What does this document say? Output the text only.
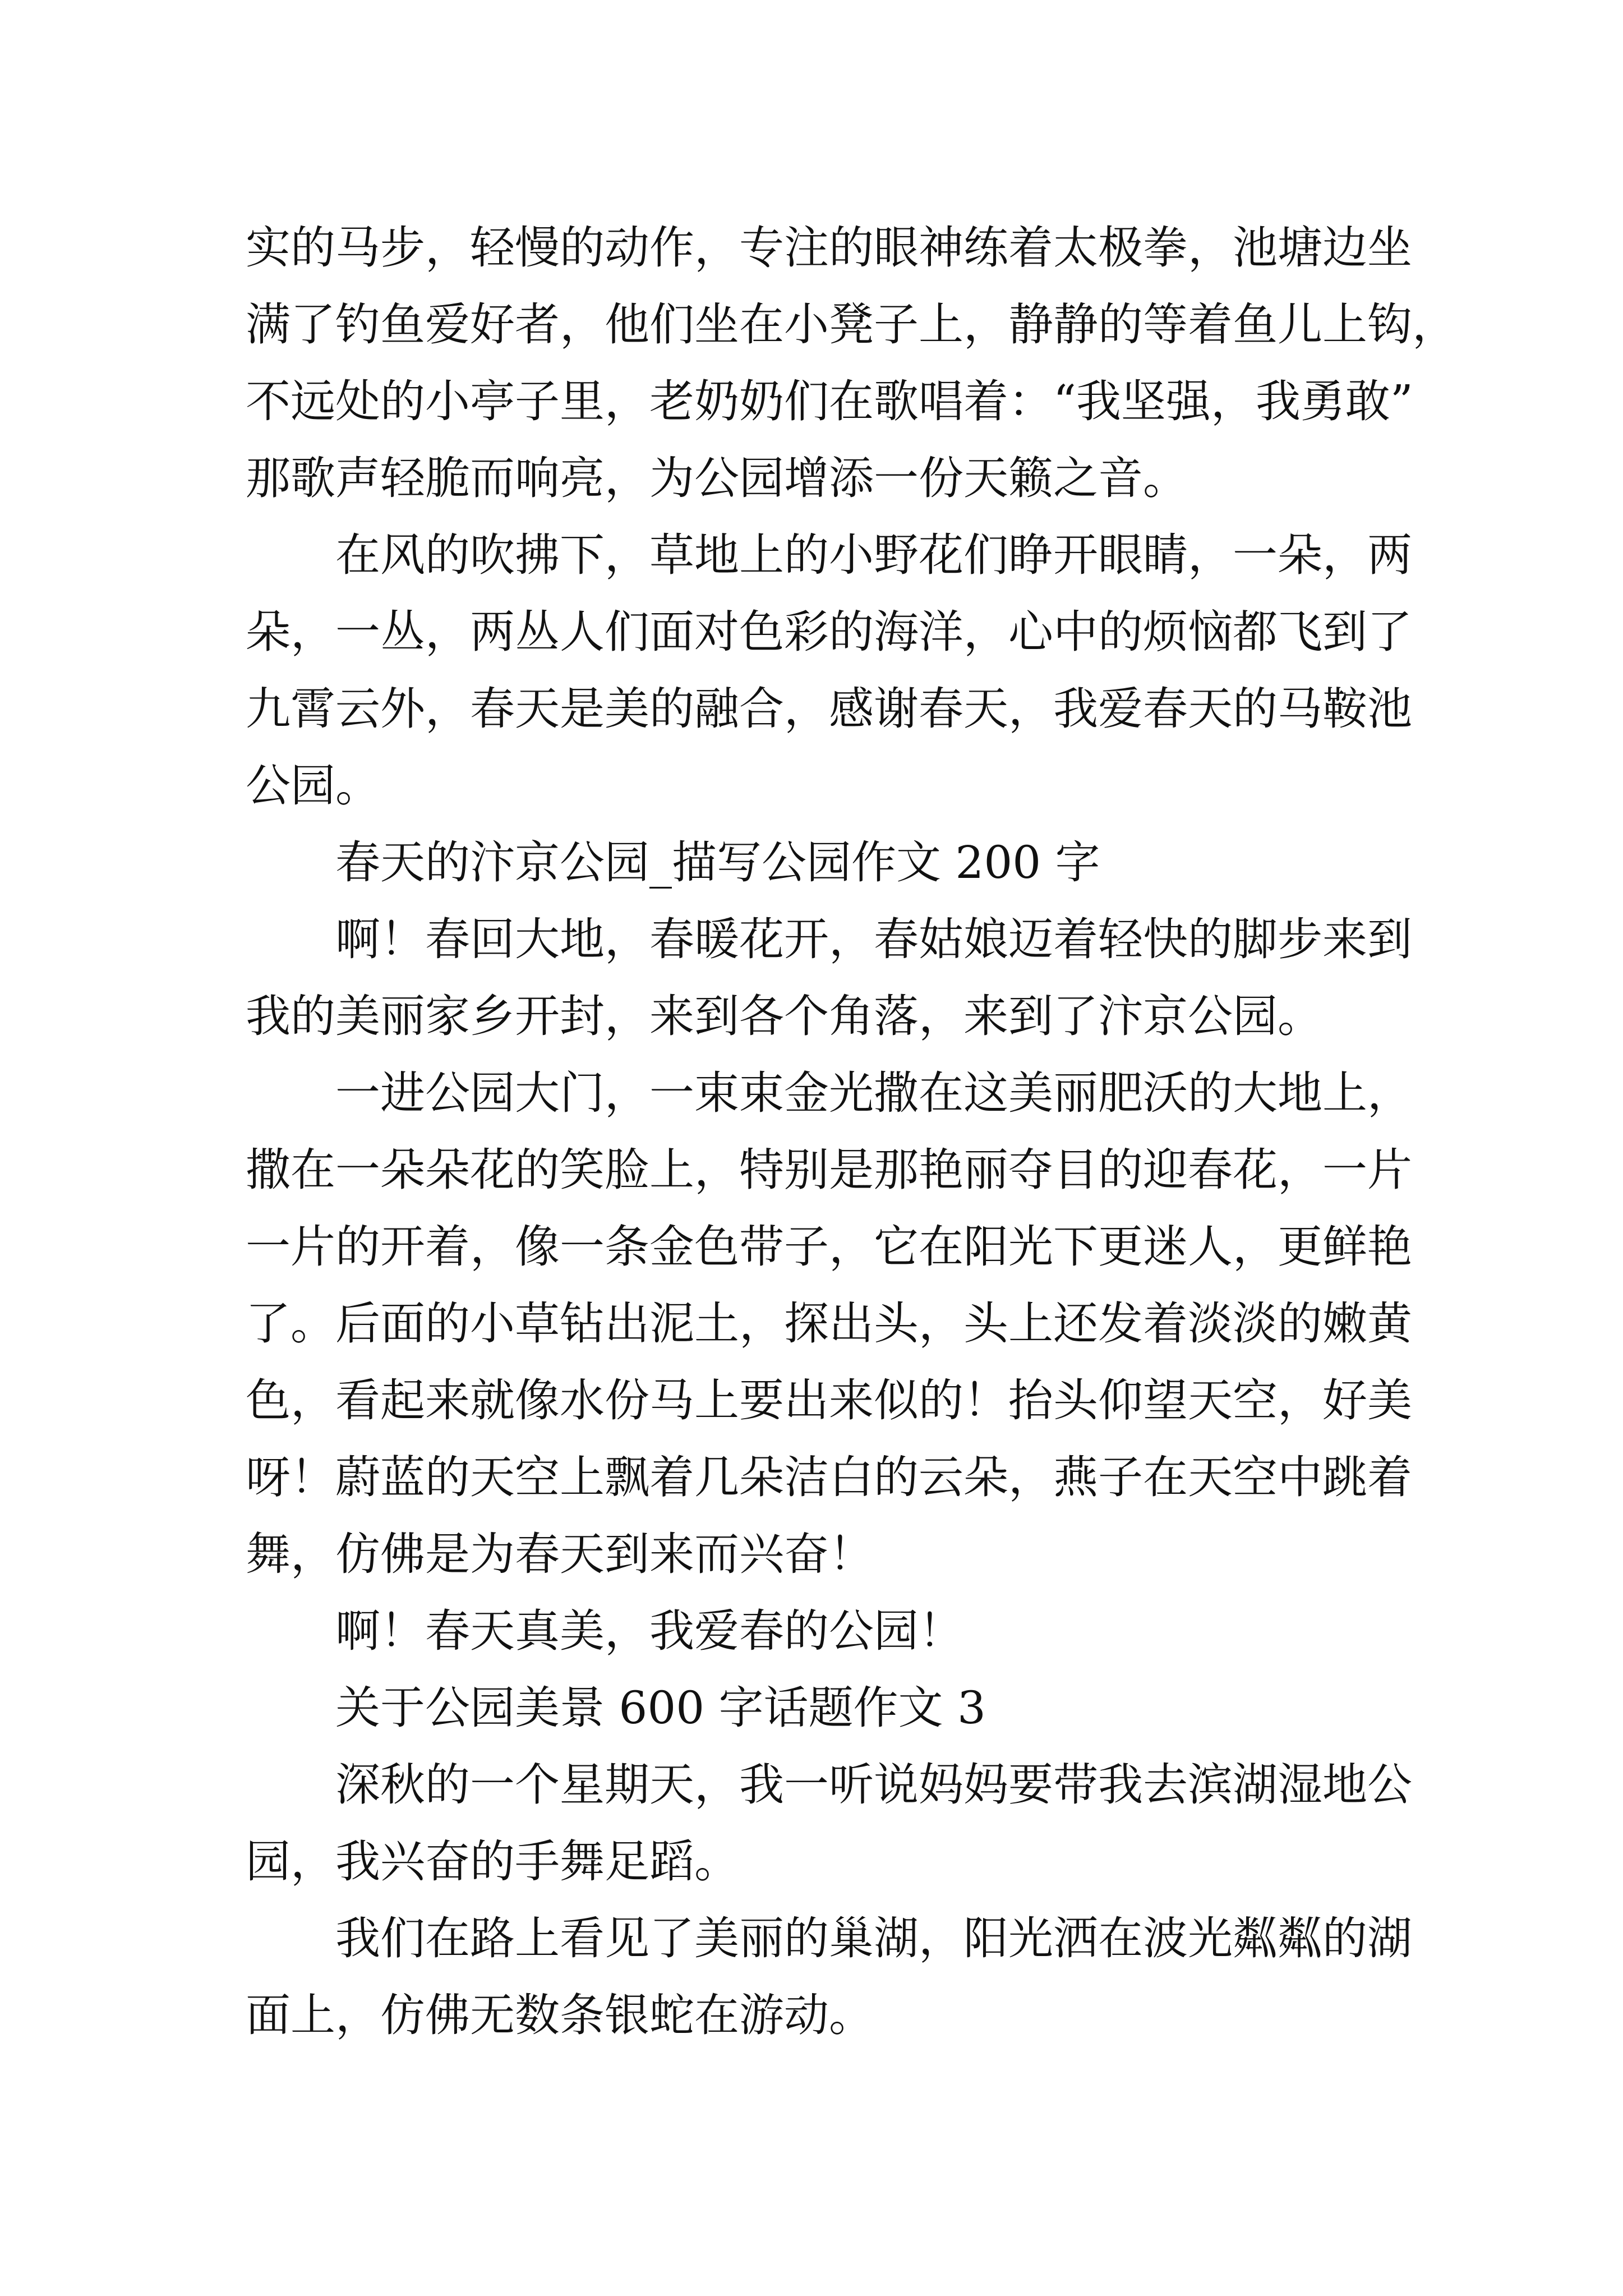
实的马步，轻慢的动作，专注的眼神练着太极拳，池塘边坐
满了钓鱼爱好者，他们坐在小凳子上，静静的等着鱼儿上钩，
不远处的小亭子里，老奶奶们在歌唱着：“我坚强，我勇敢”
那歌声轻脆而响亮，为公园增添一份天籁之音。
在风的吹拂下，草地上的小野花们睁开眼睛，一朵，两
朵，一丛，两丛人们面对色彩的海洋，心中的烦恼都飞到了
九霄云外，春天是美的融合，感谢春天，我爱春天的马鞍池
公园。
春天的汴京公园_描写公园作文 200 字
啊！春回大地，春暖花开，春姑娘迈着轻快的脚步来到
我的美丽家乡开封，来到各个角落，来到了汴京公园。
一进公园大门，一束束金光撒在这美丽肥沃的大地上，
撒在一朵朵花的笑脸上，特别是那艳丽夺目的迎春花，一片
一片的开着，像一条金色带子，它在阳光下更迷人，更鲜艳
了。后面的小草钻出泥土，探出头，头上还发着淡淡的嫩黄
色，看起来就像水份马上要出来似的！抬头仰望天空，好美
呀！蔚蓝的天空上飘着几朵洁白的云朵，燕子在天空中跳着
舞，仿佛是为春天到来而兴奋！
啊！春天真美，我爱春的公园！
关于公园美景 600 字话题作文 3
深秋的一个星期天，我一听说妈妈要带我去滨湖湿地公
园，我兴奋的手舞足蹈。
我们在路上看见了美丽的巢湖，阳光洒在波光粼粼的湖
面上，仿佛无数条银蛇在游动。
